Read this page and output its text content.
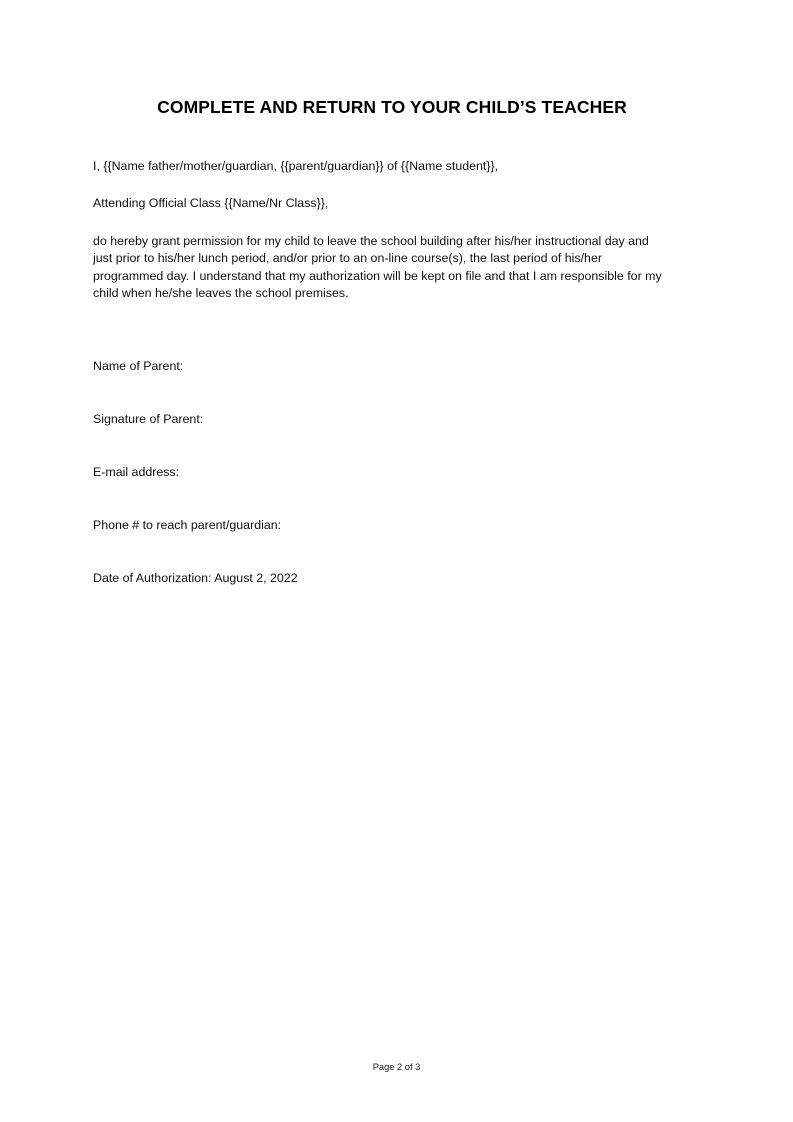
COMPLETE AND RETURN TO YOUR CHILD’S TEACHER

I, {{Name father/mother/guardian, {{parent/guardian}} of {{Name student}},

Attending Official Class {{Name/Nr Class}},

do hereby grant permission for my child to leave the school building after his/her instructional day and just prior to his/her lunch period, and/or prior to an on-line course(s), the last period of his/her programmed day. I understand that my authorization will be kept on file and that I am responsible for my child when he/she leaves the school premises.

Name of Parent:
Signature of Parent:
E-mail address:
Phone # to reach parent/guardian:
Date of Authorization: August 2, 2022
Page 2 of 3
